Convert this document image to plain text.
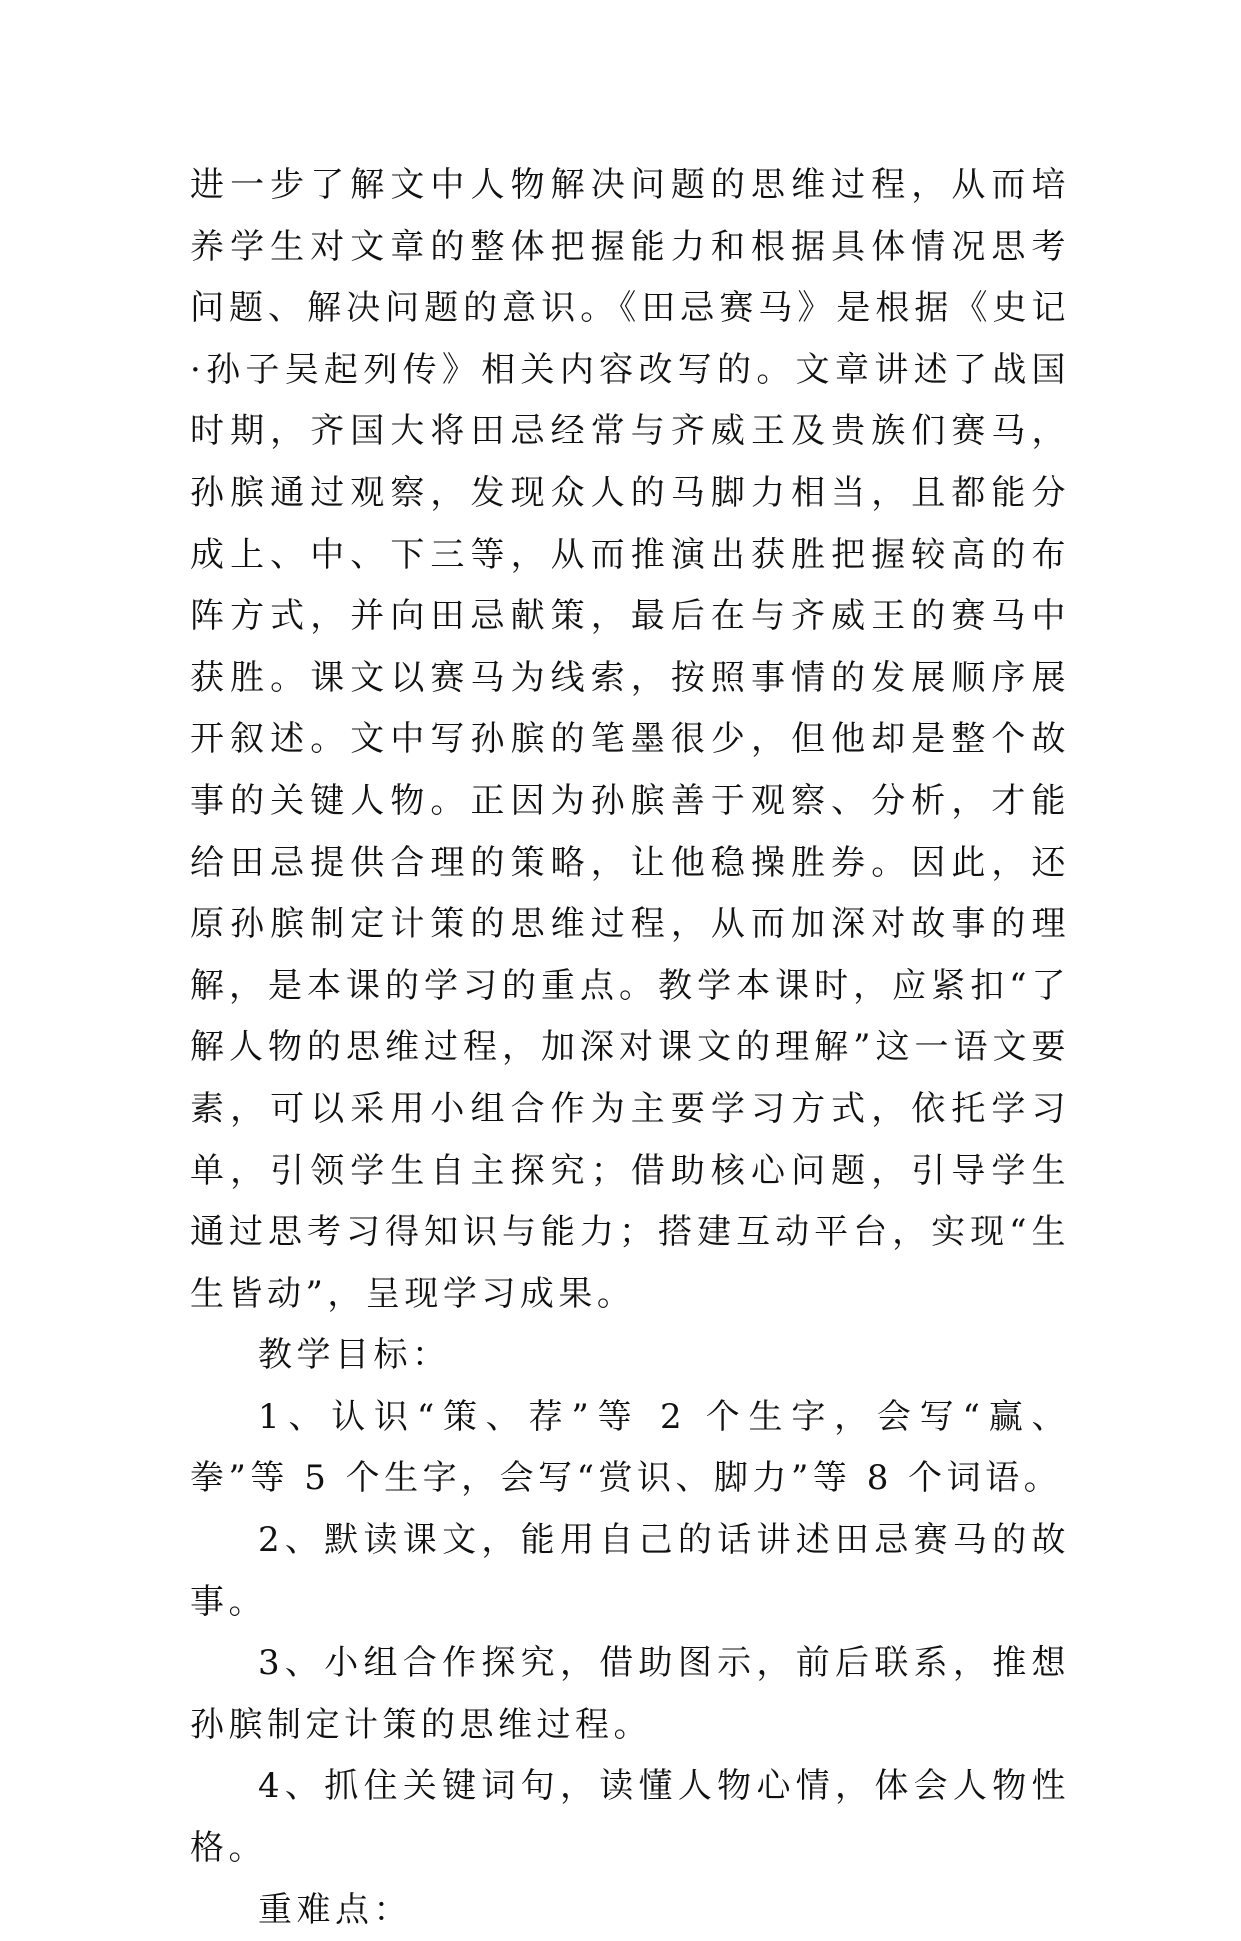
进一步了解文中人物解决问题的思维过程，从而培养学生对文章的整体把握能力和根据具体情况思考问题、解决问题的意识。《田忌赛马》是根据《史记·孙子吴起列传》相关内容改写的。文章讲述了战国时期，齐国大将田忌经常与齐威王及贵族们赛马，孙膑通过观察，发现众人的马脚力相当，且都能分成上、中、下三等，从而推演出获胜把握较高的布阵方式，并向田忌献策，最后在与齐威王的赛马中获胜。课文以赛马为线索，按照事情的发展顺序展开叙述。文中写孙膑的笔墨很少，但他却是整个故事的关键人物。正因为孙膑善于观察、分析，才能给田忌提供合理的策略，让他稳操胜券。因此，还原孙膑制定计策的思维过程，从而加深对故事的理解，是本课的学习的重点。教学本课时，应紧扣“了解人物的思维过程，加深对课文的理解”这一语文要素，可以采用小组合作为主要学习方式，依托学习单，引领学生自主探究；借助核心问题，引导学生通过思考习得知识与能力；搭建互动平台，实现“生生皆动”，呈现学习成果。

教学目标：

1、认识“策、荐”等 2 个生字，会写“赢、拳”等 5 个生字，会写“赏识、脚力”等 8 个词语。

2、默读课文，能用自己的话讲述田忌赛马的故事。

3、小组合作探究，借助图示，前后联系，推想孙膑制定计策的思维过程。

4、抓住关键词句，读懂人物心情，体会人物性格。

重难点：
